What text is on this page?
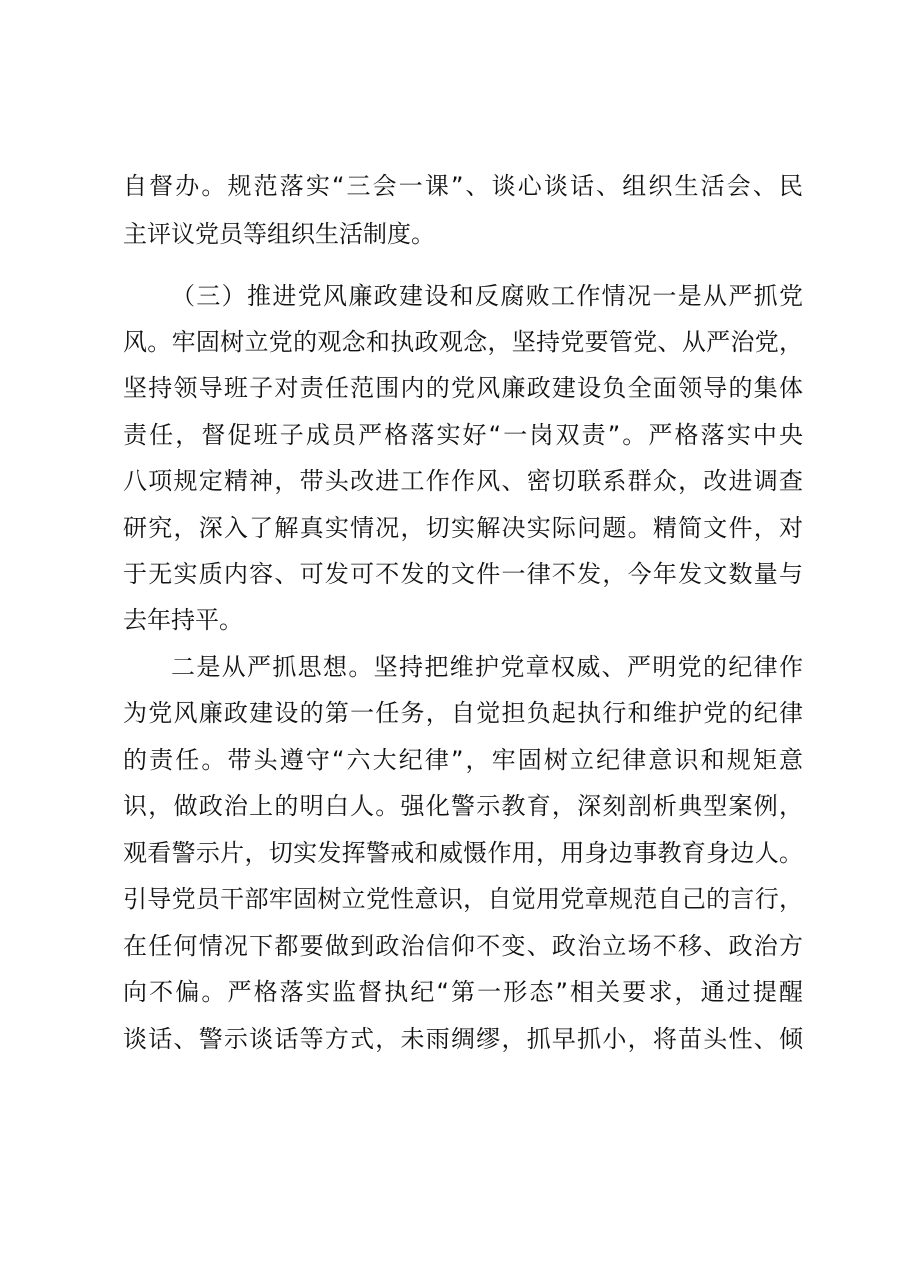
自督办。规范落实“三会一课”、谈心谈话、组织生活会、民
主评议党员等组织生活制度。
（三）推进党风廉政建设和反腐败工作情况一是从严抓党
风。牢固树立党的观念和执政观念，坚持党要管党、从严治党，
坚持领导班子对责任范围内的党风廉政建设负全面领导的集体
责任，督促班子成员严格落实好“一岗双责”。严格落实中央
八项规定精神，带头改进工作作风、密切联系群众，改进调查
研究，深入了解真实情况，切实解决实际问题。精简文件，对
于无实质内容、可发可不发的文件一律不发，今年发文数量与
去年持平。
二是从严抓思想。坚持把维护党章权威、严明党的纪律作
为党风廉政建设的第一任务，自觉担负起执行和维护党的纪律
的责任。带头遵守“六大纪律”，牢固树立纪律意识和规矩意
识，做政治上的明白人。强化警示教育，深刻剖析典型案例，
观看警示片，切实发挥警戒和威慑作用，用身边事教育身边人。
引导党员干部牢固树立党性意识，自觉用党章规范自己的言行，
在任何情况下都要做到政治信仰不变、政治立场不移、政治方
向不偏。严格落实监督执纪“第一形态”相关要求，通过提醒
谈话、警示谈话等方式，未雨绸缪，抓早抓小，将苗头性、倾
